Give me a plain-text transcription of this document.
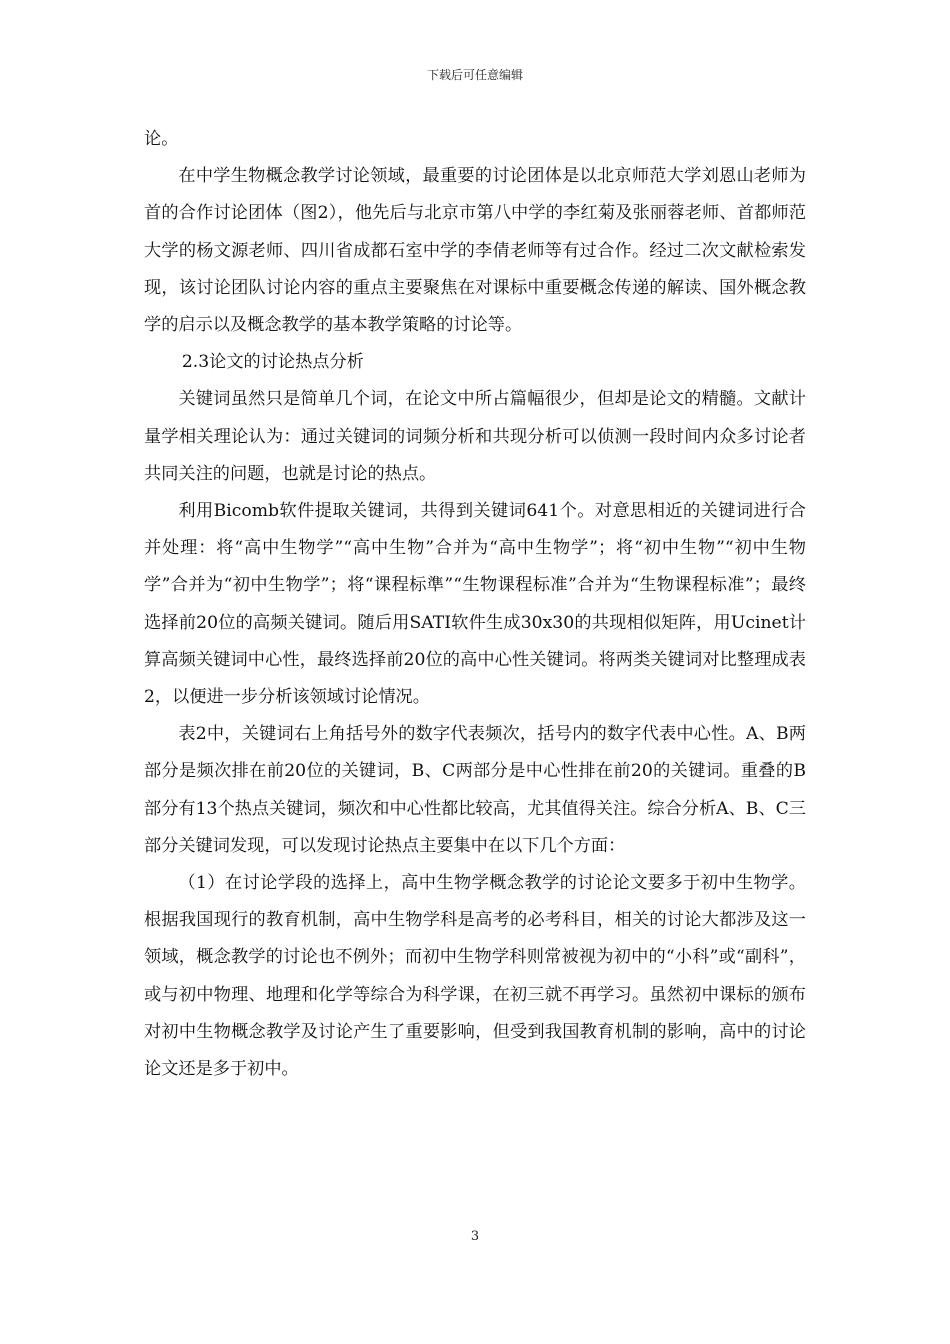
下载后可任意编辑

论。

在中学生物概念教学讨论领域，最重要的讨论团体是以北京师范大学刘恩山老师为首的合作讨论团体（图2），他先后与北京市第八中学的李红菊及张丽蓉老师、首都师范大学的杨文源老师、四川省成都石室中学的李倩老师等有过合作。经过二次文献检索发现，该讨论团队讨论内容的重点主要聚焦在对课标中重要概念传递的解读、国外概念教学的启示以及概念教学的基本教学策略的讨论等。

2.3论文的讨论热点分析

关键词虽然只是简单几个词，在论文中所占篇幅很少，但却是论文的精髓。文献计量学相关理论认为：通过关键词的词频分析和共现分析可以侦测一段时间内众多讨论者共同关注的问题，也就是讨论的热点。

利用Bicomb软件提取关键词，共得到关键词641个。对意思相近的关键词进行合并处理：将“高中生物学”“高中生物”合并为“高中生物学”；将“初中生物”“初中生物学”合并为“初中生物学”；将“课程标準”“生物课程标准”合并为“生物课程标准”；最终选择前20位的高频关键词。随后用SATI软件生成30x30的共现相似矩阵，用Ucinet计算高频关键词中心性，最终选择前20位的高中心性关键词。将两类关键词对比整理成表2，以便进一步分析该领域讨论情况。

表2中，关键词右上角括号外的数字代表频次，括号内的数字代表中心性。A、B两部分是频次排在前20位的关键词，B、C两部分是中心性排在前20的关键词。重叠的B部分有13个热点关键词，频次和中心性都比较高，尤其值得关注。综合分析A、B、C三部分关键词发现，可以发现讨论热点主要集中在以下几个方面：

（1）在讨论学段的选择上，高中生物学概念教学的讨论论文要多于初中生物学。根据我国现行的教育机制，高中生物学科是高考的必考科目，相关的讨论大都涉及这一领域，概念教学的讨论也不例外；而初中生物学科则常被视为初中的“小科”或“副科”，或与初中物理、地理和化学等综合为科学课，在初三就不再学习。虽然初中课标的颁布对初中生物概念教学及讨论产生了重要影响，但受到我国教育机制的影响，高中的讨论论文还是多于初中。

3
